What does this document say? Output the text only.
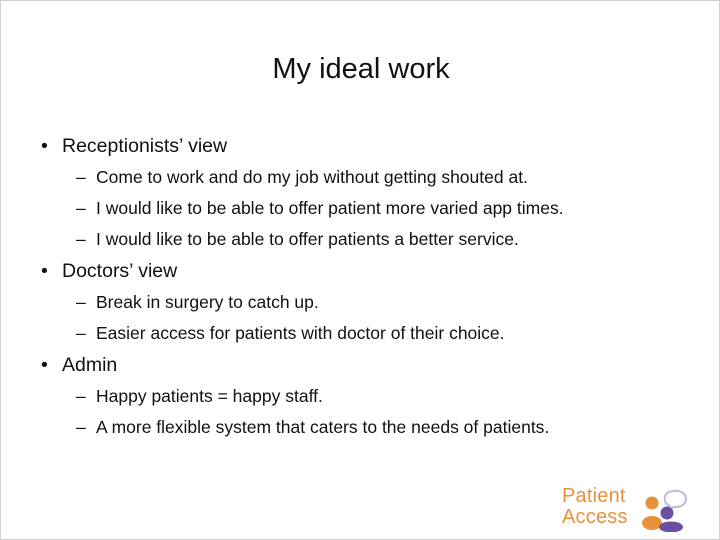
My ideal work
• Receptionists’ view
– Come to work and do my job without getting shouted at.
– I would like to be able to offer patient more varied app times.
– I would like to be able to offer patients a better service.
• Doctors’ view
– Break in surgery to catch up.
– Easier access for patients with doctor of their choice.
• Admin
– Happy patients = happy staff.
– A more flexible system that caters to the needs of patients.
Patient
Access
